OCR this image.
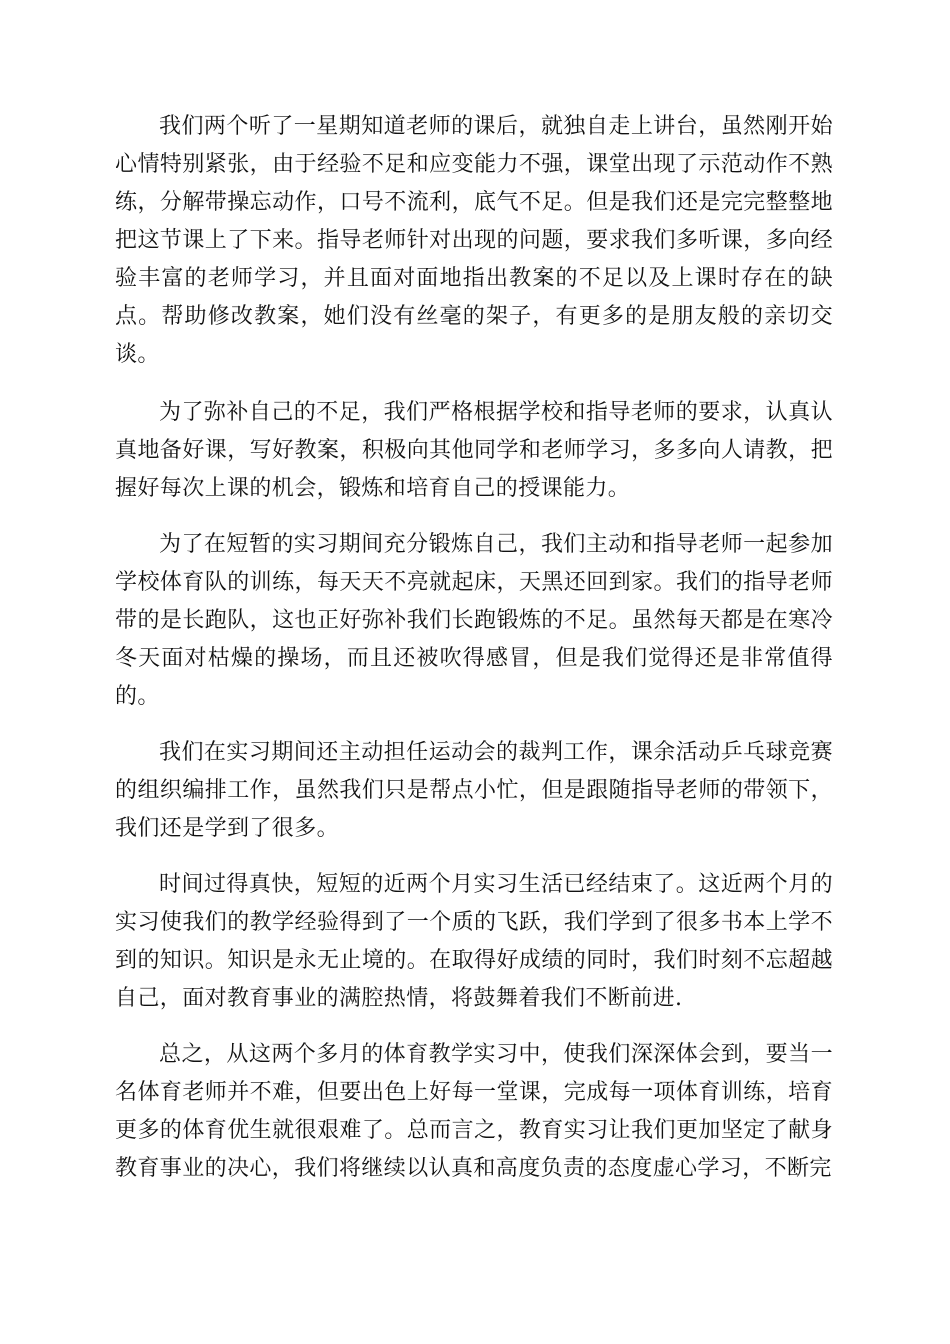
我们两个听了一星期知道老师的课后，就独自走上讲台，虽然刚开始心情特别紧张，由于经验不足和应变能力不强，课堂出现了示范动作不熟练，分解带操忘动作，口号不流利，底气不足。但是我们还是完完整整地把这节课上了下来。指导老师针对出现的问题，要求我们多听课，多向经验丰富的老师学习，并且面对面地指出教案的不足以及上课时存在的缺点。帮助修改教案，她们没有丝毫的架子，有更多的是朋友般的亲切交谈。

为了弥补自己的不足，我们严格根据学校和指导老师的要求，认真认真地备好课，写好教案，积极向其他同学和老师学习，多多向人请教，把握好每次上课的机会，锻炼和培育自己的授课能力。

为了在短暂的实习期间充分锻炼自己，我们主动和指导老师一起参加学校体育队的训练，每天天不亮就起床，天黑还回到家。我们的指导老师带的是长跑队，这也正好弥补我们长跑锻炼的不足。虽然每天都是在寒冷冬天面对枯燥的操场，而且还被吹得感冒，但是我们觉得还是非常值得的。

我们在实习期间还主动担任运动会的裁判工作，课余活动乒乓球竞赛的组织编排工作，虽然我们只是帮点小忙，但是跟随指导老师的带领下，我们还是学到了很多。

时间过得真快，短短的近两个月实习生活已经结束了。这近两个月的实习使我们的教学经验得到了一个质的飞跃，我们学到了很多书本上学不到的知识。知识是永无止境的。在取得好成绩的同时，我们时刻不忘超越自己，面对教育事业的满腔热情，将鼓舞着我们不断前进.

总之，从这两个多月的体育教学实习中，使我们深深体会到，要当一名体育老师并不难，但要出色上好每一堂课，完成每一项体育训练，培育更多的体育优生就很艰难了。总而言之，教育实习让我们更加坚定了献身教育事业的决心，我们将继续以认真和高度负责的态度虚心学习，不断完
